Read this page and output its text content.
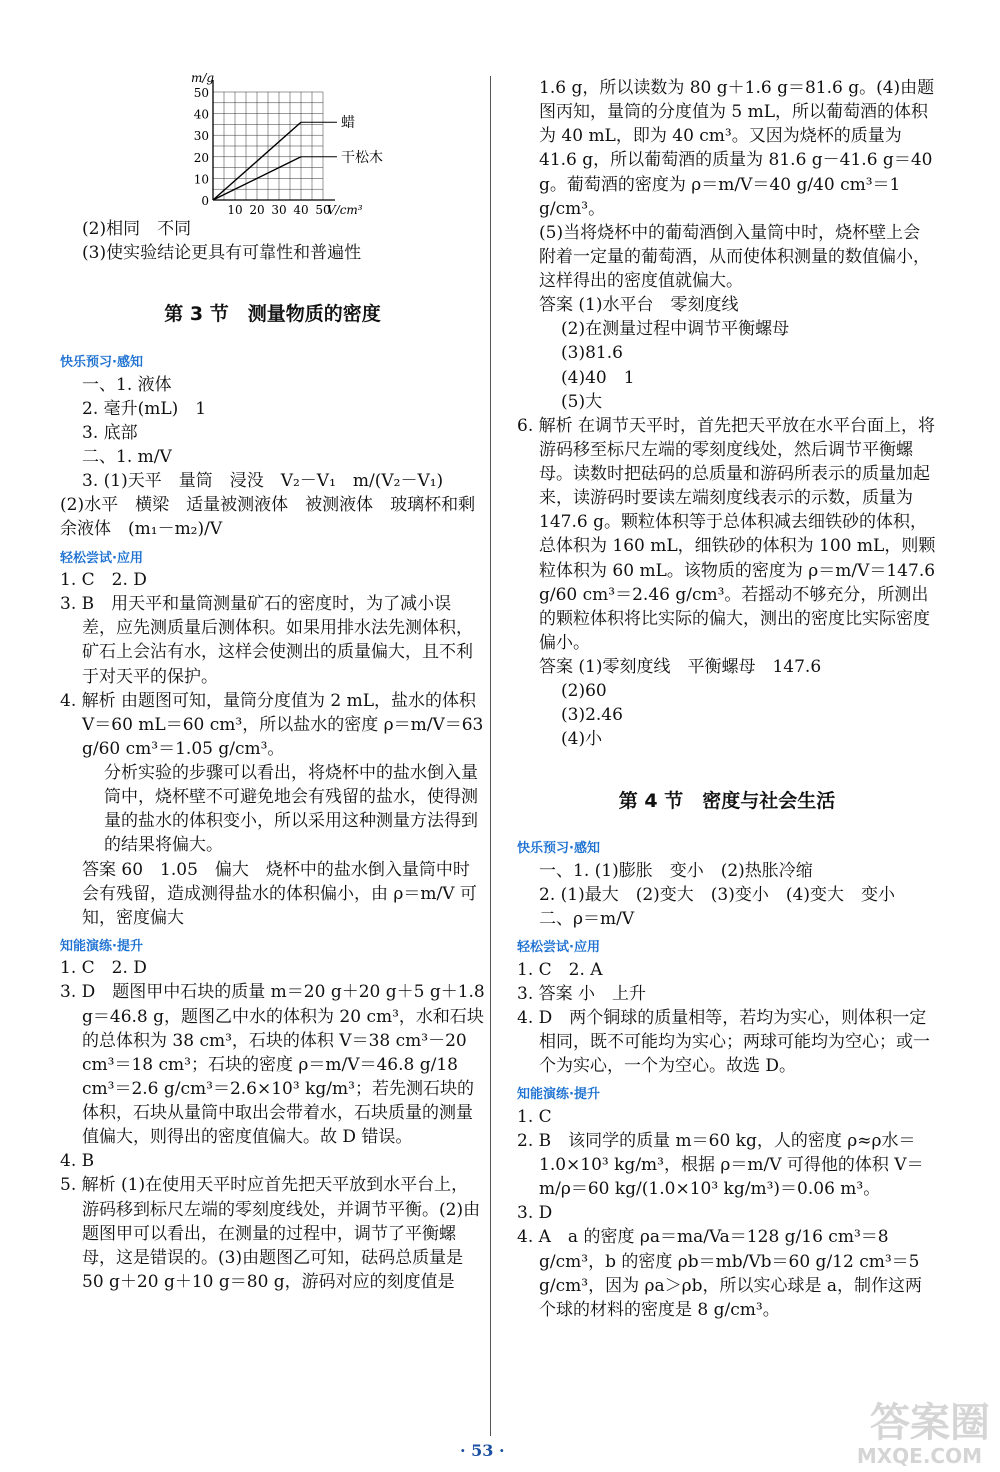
50
40
30
20
10
0
10 20 30 40 50
m/g
V/cm³
蜡
干松木
(2)相同　不同
(3)使实验结论更具有可靠性和普遍性
第 3 节　测量物质的密度
快乐预习·感知
一、1. 液体
2. 毫升(mL)　1
3. 底部
二、1. m/V
3. (1)天平　量筒　浸没　V₂－V₁　m/(V₂－V₁)
(2)水平　横梁　适量被测液体　被测液体　玻璃杯和剩余液体　(m₁－m₂)/V
轻松尝试·应用
1. C　2. D
3. B　用天平和量筒测量矿石的密度时，为了减小误差，应先测质量后测体积。如果用排水法先测体积，矿石上会沾有水，这样会使测出的质量偏大，且不利于对天平的保护。
4. 解析 由题图可知，量筒分度值为 2 mL，盐水的体积 V＝60 mL＝60 cm³，所以盐水的密度 ρ＝m/V＝63 g/60 cm³＝1.05 g/cm³。
分析实验的步骤可以看出，将烧杯中的盐水倒入量筒中，烧杯壁不可避免地会有残留的盐水，使得测量的盐水的体积变小，所以采用这种测量方法得到的结果将偏大。
答案 60　1.05　偏大　烧杯中的盐水倒入量筒中时会有残留，造成测得盐水的体积偏小，由 ρ＝m/V 可知，密度偏大
知能演练·提升
1. C　2. D
3. D　题图甲中石块的质量 m＝20 g＋20 g＋5 g＋1.8 g＝46.8 g，题图乙中水的体积为 20 cm³，水和石块的总体积为 38 cm³，石块的体积 V＝38 cm³－20 cm³＝18 cm³；石块的密度 ρ＝m/V＝46.8 g/18 cm³＝2.6 g/cm³＝2.6×10³ kg/m³；若先测石块的体积，石块从量筒中取出会带着水，石块质量的测量值偏大，则得出的密度值偏大。故 D 错误。
4. B
5. 解析 (1)在使用天平时应首先把天平放到水平台上，游码移到标尺左端的零刻度线处，并调节平衡。(2)由题图甲可以看出，在测量的过程中，调节了平衡螺母，这是错误的。(3)由题图乙可知，砝码总质量是 50 g＋20 g＋10 g＝80 g，游码对应的刻度值是
1.6 g，所以读数为 80 g＋1.6 g＝81.6 g。(4)由题图丙知，量筒的分度值为 5 mL，所以葡萄酒的体积为 40 mL，即为 40 cm³。又因为烧杯的质量为 41.6 g，所以葡萄酒的质量为 81.6 g－41.6 g＝40 g。葡萄酒的密度为 ρ＝m/V＝40 g/40 cm³＝1 g/cm³。
(5)当将烧杯中的葡萄酒倒入量筒中时，烧杯壁上会附着一定量的葡萄酒，从而使体积测量的数值偏小，这样得出的密度值就偏大。
答案 (1)水平台　零刻度线
(2)在测量过程中调节平衡螺母
(3)81.6
(4)40　1
(5)大
6. 解析 在调节天平时，首先把天平放在水平台面上，将游码移至标尺左端的零刻度线处，然后调节平衡螺母。读数时把砝码的总质量和游码所表示的质量加起来，读游码时要读左端刻度线表示的示数，质量为 147.6 g。颗粒体积等于总体积减去细铁砂的体积，总体积为 160 mL，细铁砂的体积为 100 mL，则颗粒体积为 60 mL。该物质的密度为 ρ＝m/V＝147.6 g/60 cm³＝2.46 g/cm³。若摇动不够充分，所测出的颗粒体积将比实际的偏大，测出的密度比实际密度偏小。
答案 (1)零刻度线　平衡螺母　147.6
(2)60
(3)2.46
(4)小
第 4 节　密度与社会生活
快乐预习·感知
一、1. (1)膨胀　变小　(2)热胀冷缩
2. (1)最大　(2)变大　(3)变小　(4)变大　变小
二、ρ＝m/V
轻松尝试·应用
1. C　2. A
3. 答案 小　上升
4. D　两个铜球的质量相等，若均为实心，则体积一定相同，既不可能均为实心；两球可能均为空心；或一个为实心，一个为空心。故选 D。
知能演练·提升
1. C
2. B　该同学的质量 m＝60 kg，人的密度 ρ≈ρ水＝1.0×10³ kg/m³，根据 ρ＝m/V 可得他的体积 V＝m/ρ＝60 kg/(1.0×10³ kg/m³)＝0.06 m³。
3. D
4. A　a 的密度 ρa＝ma/Va＝128 g/16 cm³＝8 g/cm³，b 的密度 ρb＝mb/Vb＝60 g/12 cm³＝5 g/cm³，因为 ρa＞ρb，所以实心球是 a，制作这两个球的材料的密度是 8 g/cm³。
· 53 ·
答案圈
MXQE.COM
